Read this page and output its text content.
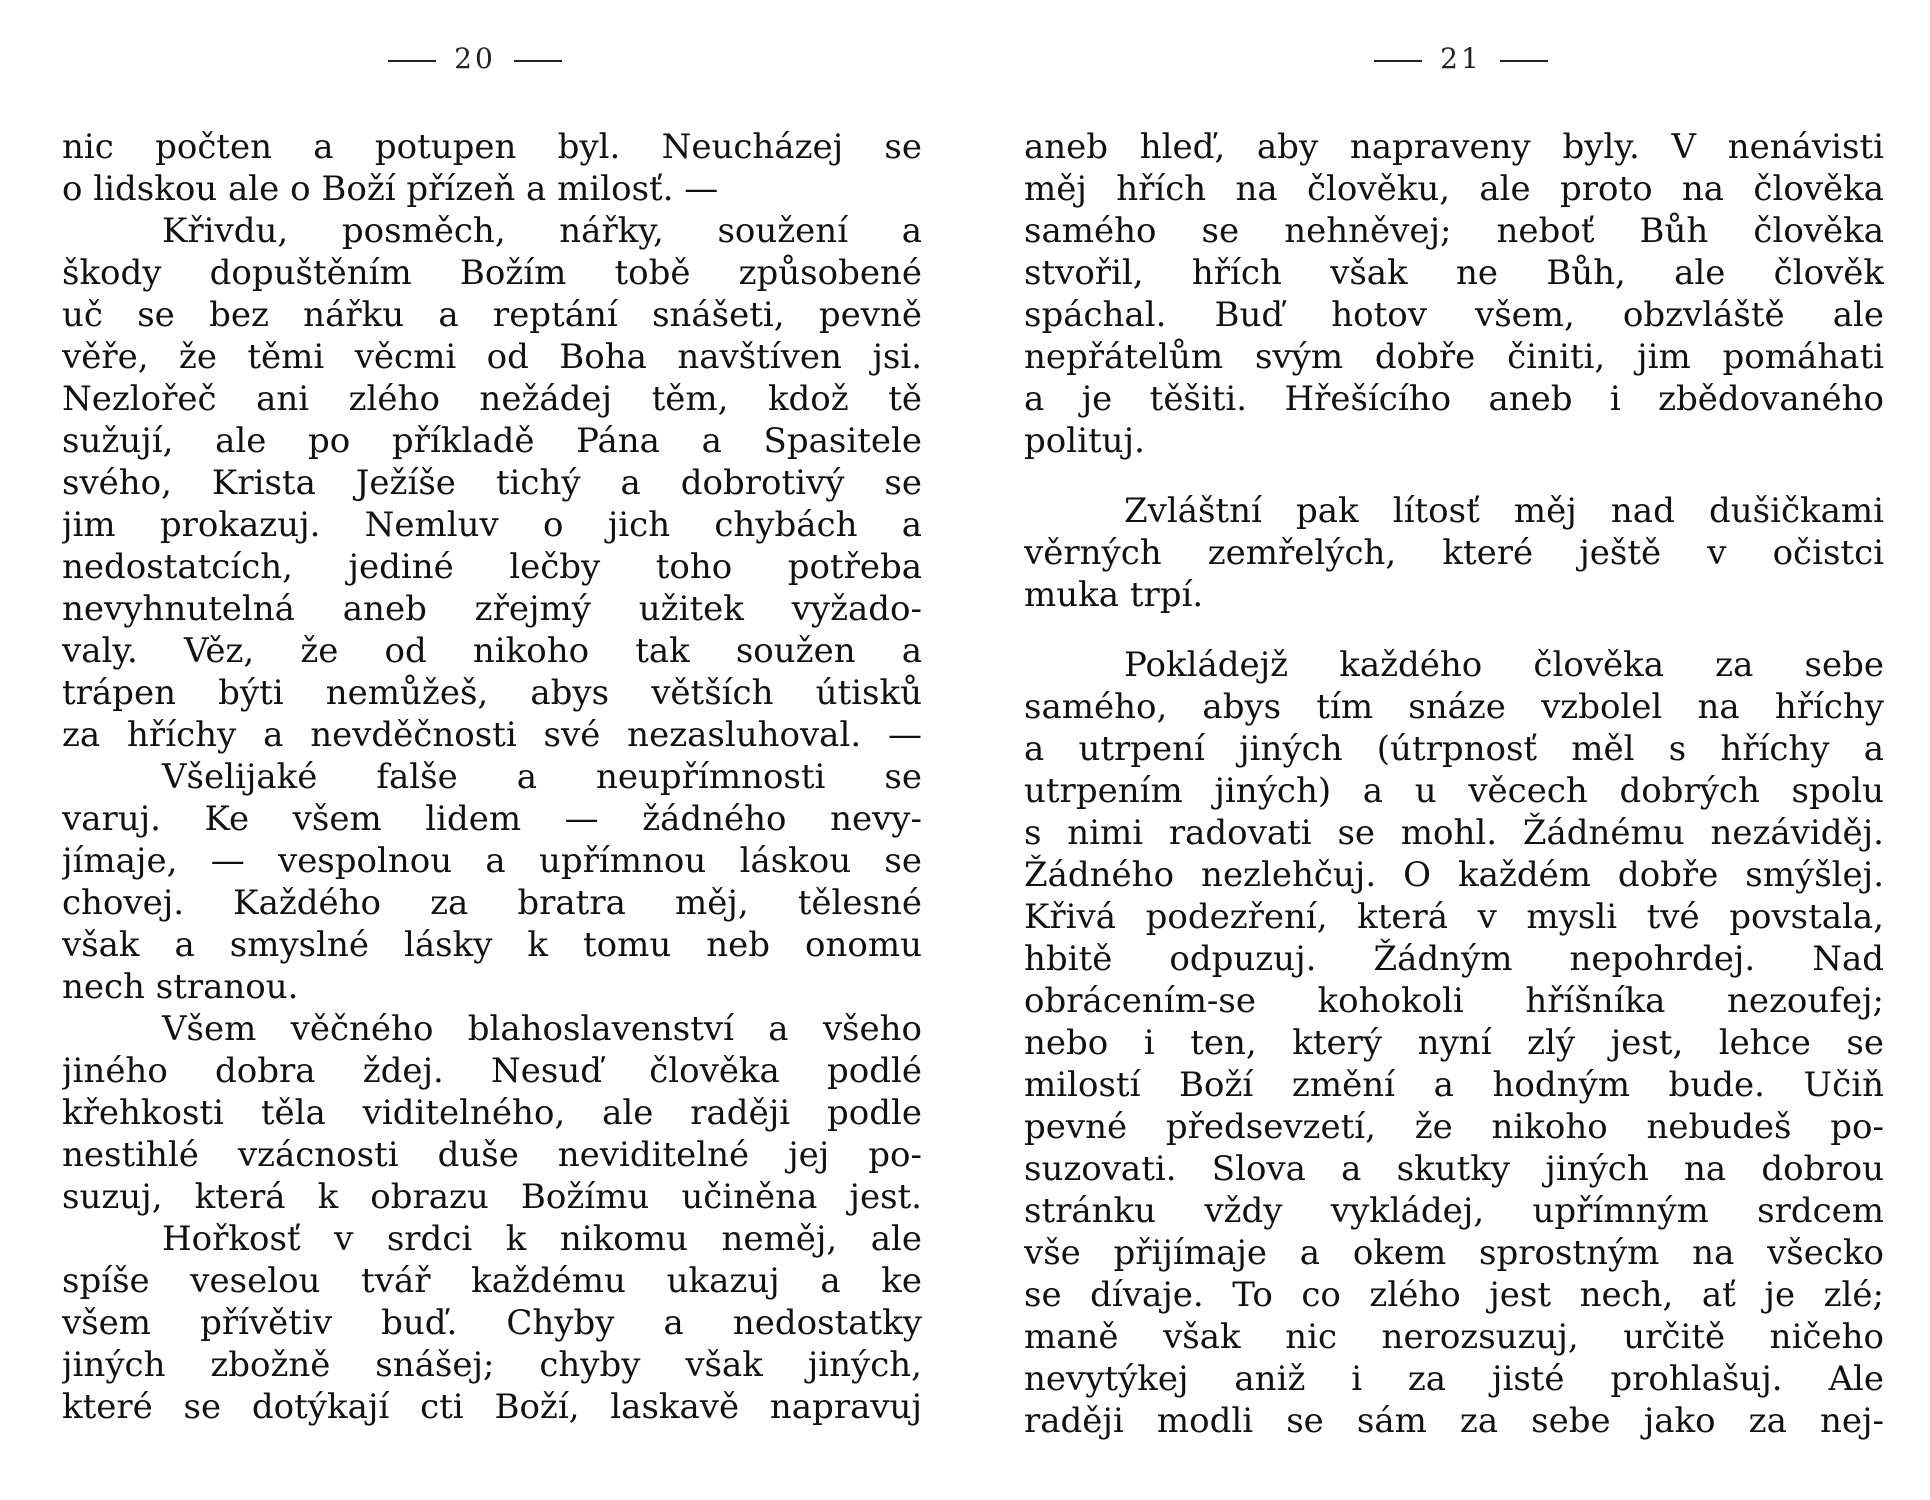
20
nic počten a potupen byl. Neucházej se
o lidskou ale o Boží přízeň a milosť. —
Křivdu, posměch, nářky, soužení a
škody dopuštěním Božím tobě způsobené
uč se bez nářku a reptání snášeti, pevně
věře, že těmi věcmi od Boha navštíven jsi.
Nezlořeč ani zlého nežádej těm, kdož tě
sužují, ale po příkladě Pána a Spasitele
svého, Krista Ježíše tichý a dobrotivý se
jim prokazuj. Nemluv o jich chybách a
nedostatcích, jediné lečby toho potřeba
nevyhnutelná aneb zřejmý užitek vyžado-
valy. Věz, že od nikoho tak soužen a
trápen býti nemůžeš, abys větších útisků
za hříchy a nevděčnosti své nezasluhoval. —
Všelijaké falše a neupřímnosti se
varuj. Ke všem lidem — žádného nevy-
jímaje, — vespolnou a upřímnou láskou se
chovej. Každého za bratra měj, tělesné
však a smyslné lásky k tomu neb onomu
nech stranou.
Všem věčného blahoslavenství a všeho
jiného dobra ždej. Nesuď člověka podlé
křehkosti těla viditelného, ale raději podle
nestihlé vzácnosti duše neviditelné jej po-
suzuj, která k obrazu Božímu učiněna jest.
Hořkosť v srdci k nikomu neměj, ale
spíše veselou tvář každému ukazuj a ke
všem přívětiv buď. Chyby a nedostatky
jiných zbožně snášej; chyby však jiných,
které se dotýkají cti Boží, laskavě napravuj
21
aneb hleď, aby napraveny byly. V nenávisti
měj hřích na člověku, ale proto na člověka
samého se nehněvej; neboť Bůh člověka
stvořil, hřích však ne Bůh, ale člověk
spáchal. Buď hotov všem, obzvláště ale
nepřátelům svým dobře činiti, jim pomáhati
a je těšiti. Hřešícího aneb i zbědovaného
polituj.
Zvláštní pak lítosť měj nad dušičkami
věrných zemřelých, které ještě v očistci
muka trpí.
Pokládejž každého člověka za sebe
samého, abys tím snáze vzbolel na hříchy
a utrpení jiných (útrpnosť měl s hříchy a
utrpením jiných) a u věcech dobrých spolu
s nimi radovati se mohl. Žádnému nezáviděj.
Žádného nezlehčuj. O každém dobře smýšlej.
Křivá podezření, která v mysli tvé povstala,
hbitě odpuzuj. Žádným nepohrdej. Nad
obrácením-se kohokoli hříšníka nezoufej;
nebo i ten, který nyní zlý jest, lehce se
milostí Boží změní a hodným bude. Učiň
pevné předsevzetí, že nikoho nebudeš po-
suzovati. Slova a skutky jiných na dobrou
stránku vždy vykládej, upřímným srdcem
vše přijímaje a okem sprostným na všecko
se dívaje. To co zlého jest nech, ať je zlé;
maně však nic nerozsuzuj, určitě ničeho
nevytýkej aniž i za jisté prohlašuj. Ale
raději modli se sám za sebe jako za nej-
